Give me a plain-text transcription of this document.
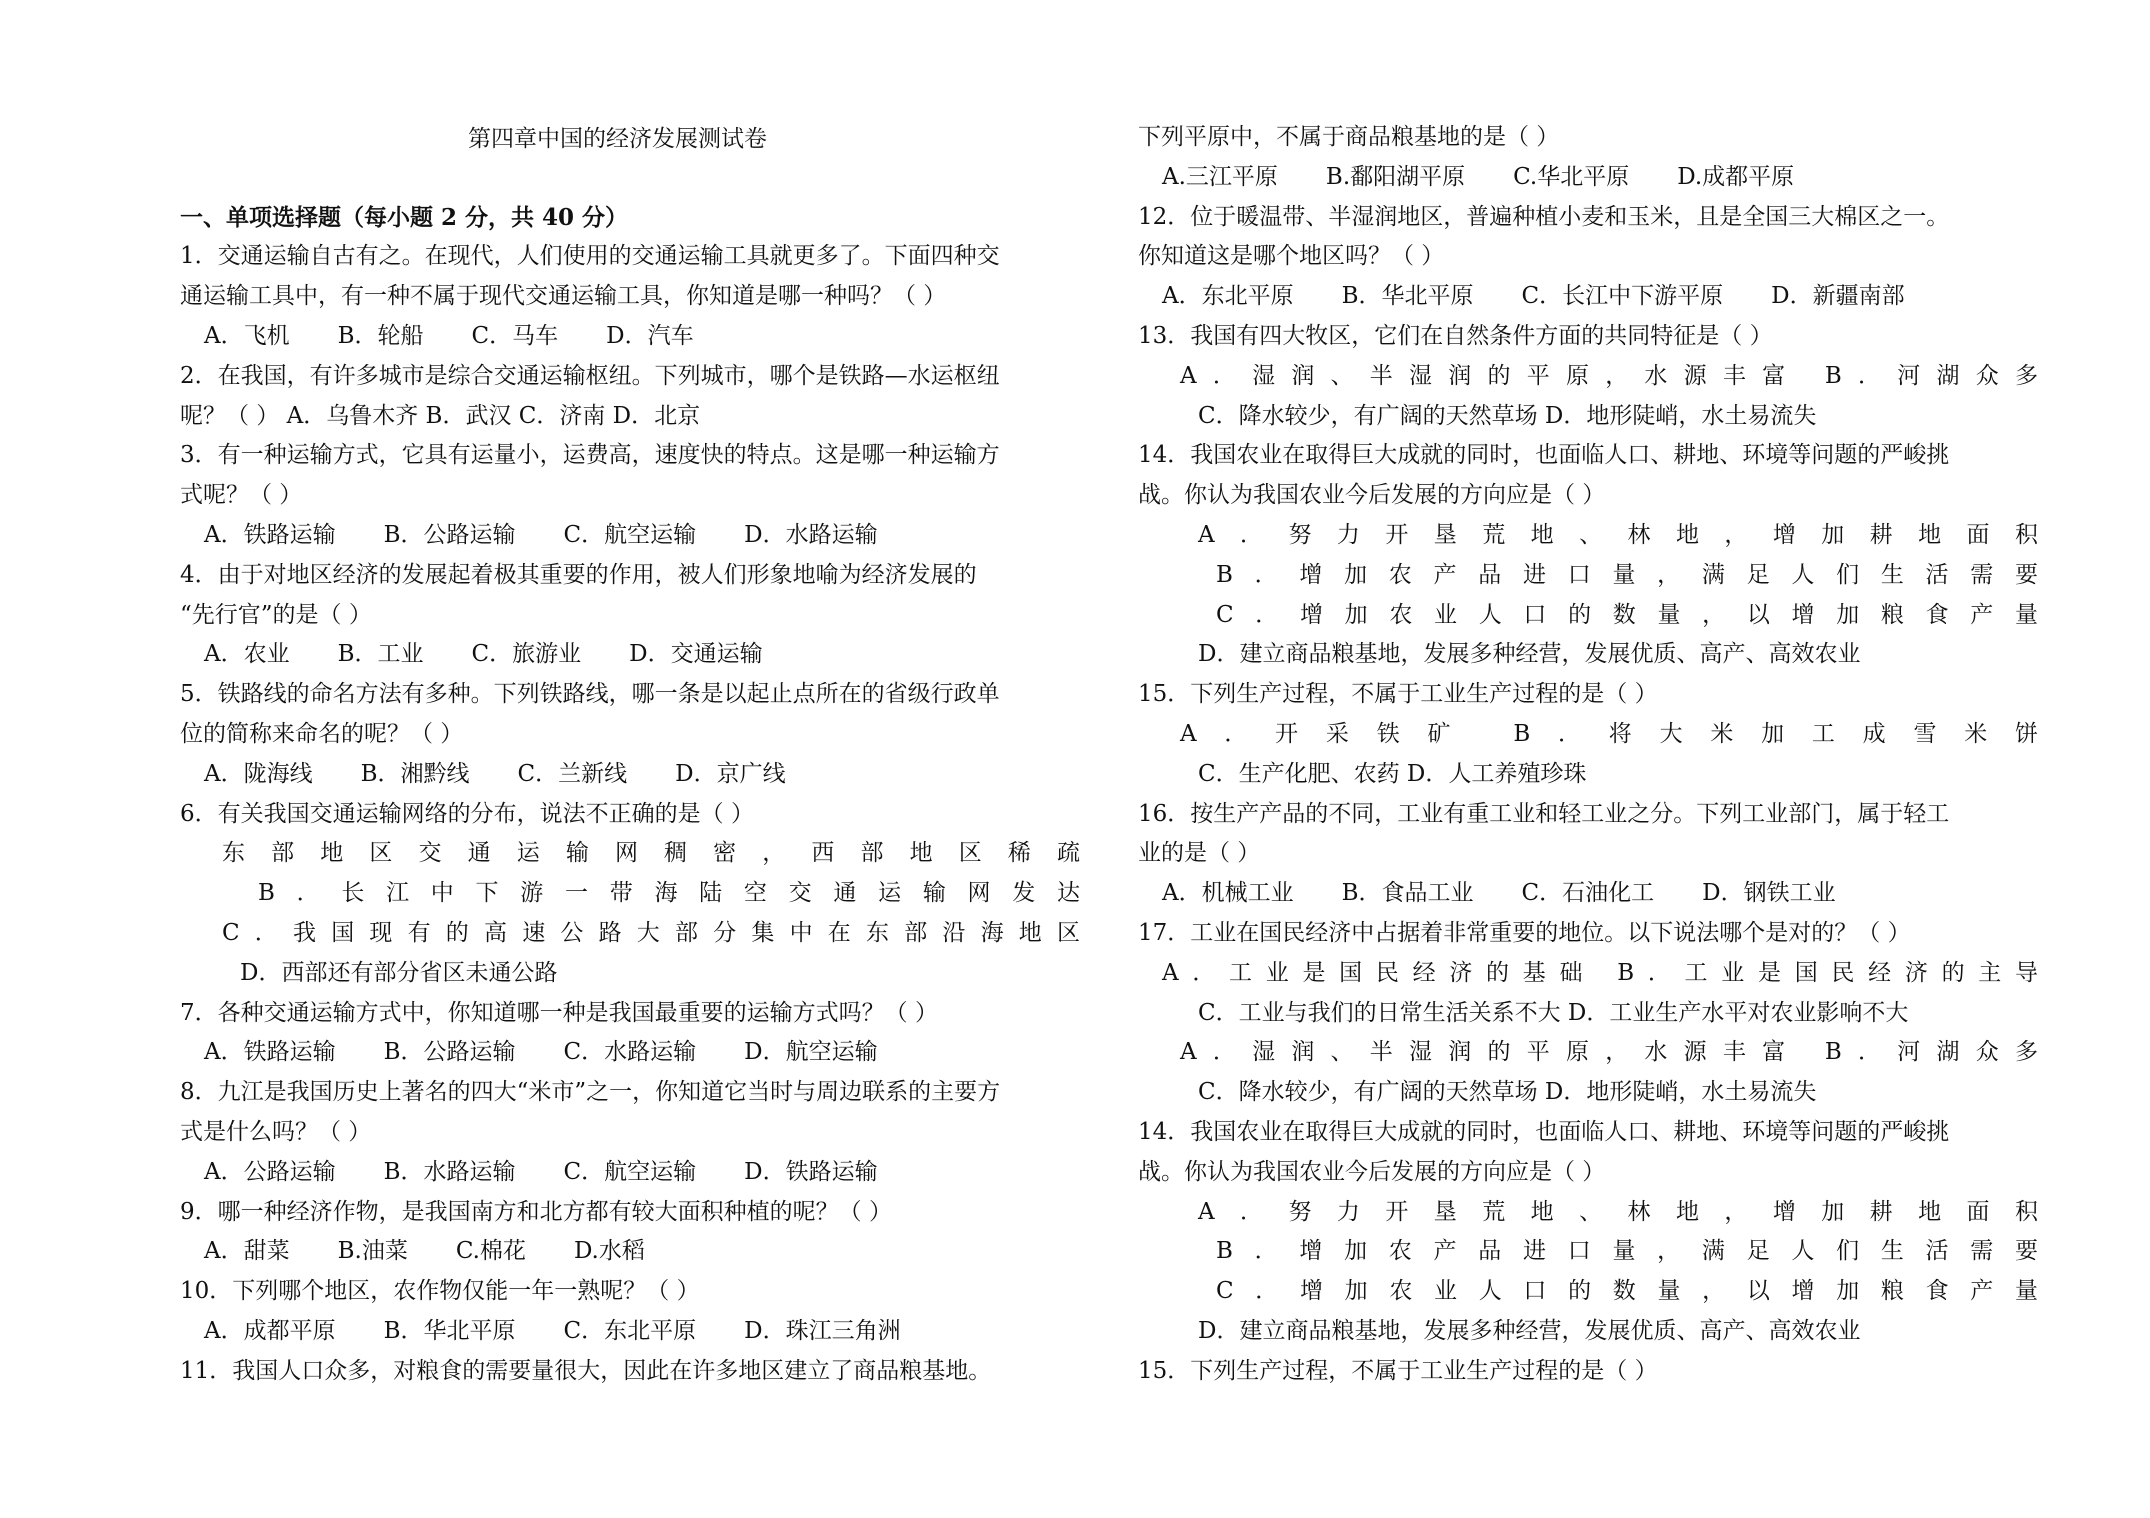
第四章中国的经济发展测试卷
一、单项选择题（每小题 2 分，共 40 分）
1．交通运输自古有之。在现代，人们使用的交通运输工具就更多了。下面四种交
通运输工具中，有一种不属于现代交通运输工具，你知道是哪一种吗？（ ）
A．飞机 B．轮船 C．马车 D．汽车
2．在我国，有许多城市是综合交通运输枢纽。下列城市，哪个是铁路—水运枢纽
呢？（ ） A．乌鲁木齐 B．武汉 C．济南 D．北京
3．有一种运输方式，它具有运量小，运费高，速度快的特点。这是哪一种运输方
式呢？（ ）
A．铁路运输 B．公路运输 C．航空运输 D．水路运输
4．由于对地区经济的发展起着极其重要的作用，被人们形象地喻为经济发展的
“先行官”的是（ ）
A．农业 B．工业 C．旅游业 D．交通运输
5．铁路线的命名方法有多种。下列铁路线，哪一条是以起止点所在的省级行政单
位的简称来命名的呢？（ ）
A．陇海线 B．湘黔线 C．兰新线 D．京广线
6．有关我国交通运输网络的分布，说法不正确的是（ ）
东部地区交通运输网稠密，西部地区稀疏
B．长江中下游一带海陆空交通运输网发达
C．我国现有的高速公路大部分集中在东部沿海地区
D．西部还有部分省区未通公路
7．各种交通运输方式中，你知道哪一种是我国最重要的运输方式吗？（ ）
A．铁路运输 B．公路运输 C．水路运输 D．航空运输
8．九江是我国历史上著名的四大“米市”之一，你知道它当时与周边联系的主要方
式是什么吗？（ ）
A．公路运输 B．水路运输 C．航空运输 D．铁路运输
9．哪一种经济作物，是我国南方和北方都有较大面积种植的呢？（ ）
A．甜菜 B.油菜 C.棉花 D.水稻
10．下列哪个地区，农作物仅能一年一熟呢？（ ）
A．成都平原 B．华北平原 C．东北平原 D．珠江三角洲
11．我国人口众多，对粮食的需要量很大，因此在许多地区建立了商品粮基地。
下列平原中，不属于商品粮基地的是（ ）
A.三江平原 B.鄱阳湖平原 C.华北平原 D.成都平原
12．位于暖温带、半湿润地区，普遍种植小麦和玉米，且是全国三大棉区之一。
你知道这是哪个地区吗？（ ）
A．东北平原 B．华北平原 C．长江中下游平原 D．新疆南部
13．我国有四大牧区，它们在自然条件方面的共同特征是（ ）
A．湿润、半湿润的平原，水源丰富 B．河湖众多
C．降水较少，有广阔的天然草场 D．地形陡峭，水土易流失
14．我国农业在取得巨大成就的同时，也面临人口、耕地、环境等问题的严峻挑
战。你认为我国农业今后发展的方向应是（ ）
A．努力开垦荒地、林地，增加耕地面积
B．增加农产品进口量，满足人们生活需要
C．增加农业人口的数量，以增加粮食产量
D．建立商品粮基地，发展多种经营，发展优质、高产、高效农业
15．下列生产过程，不属于工业生产过程的是（ ）
A．开采铁矿 B．将大米加工成雪米饼
C．生产化肥、农药 D．人工养殖珍珠
16．按生产产品的不同，工业有重工业和轻工业之分。下列工业部门，属于轻工
业的是（ ）
A．机械工业 B．食品工业 C．石油化工 D．钢铁工业
17．工业在国民经济中占据着非常重要的地位。以下说法哪个是对的？（ ）
A．工业是国民经济的基础 B．工业是国民经济的主导
C．工业与我们的日常生活关系不大 D．工业生产水平对农业影响不大
A．湿润、半湿润的平原，水源丰富 B．河湖众多
C．降水较少，有广阔的天然草场 D．地形陡峭，水土易流失
14．我国农业在取得巨大成就的同时，也面临人口、耕地、环境等问题的严峻挑
战。你认为我国农业今后发展的方向应是（ ）
A．努力开垦荒地、林地，增加耕地面积
B．增加农产品进口量，满足人们生活需要
C．增加农业人口的数量，以增加粮食产量
D．建立商品粮基地，发展多种经营，发展优质、高产、高效农业
15．下列生产过程，不属于工业生产过程的是（ ）
